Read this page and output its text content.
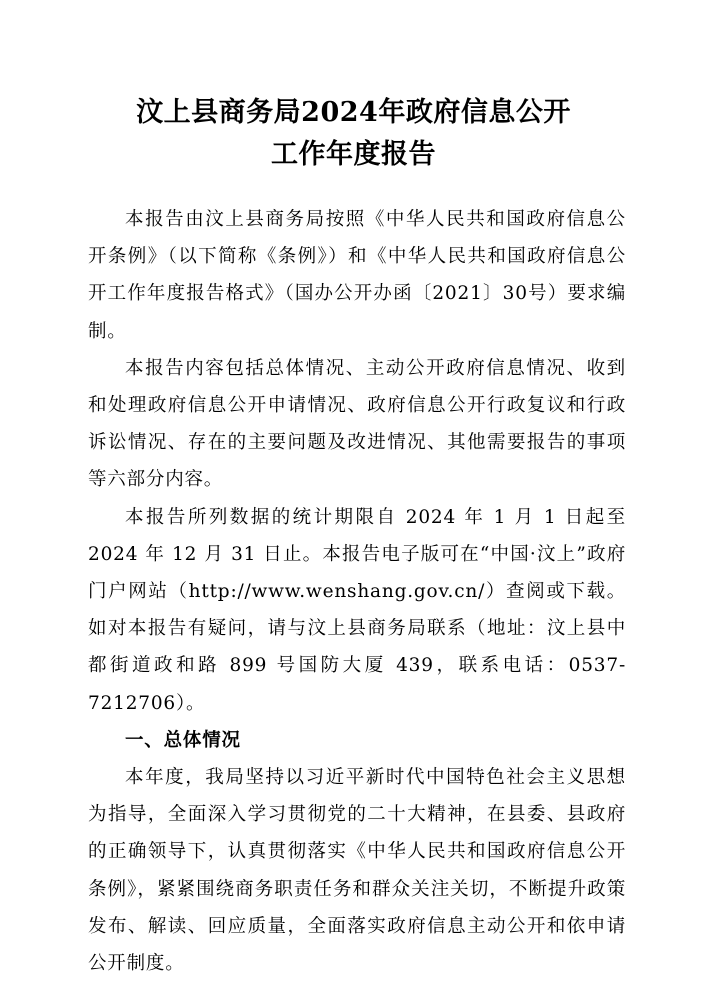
汶上县商务局2024年政府信息公开
工作年度报告

本报告由汶上县商务局按照《中华人民共和国政府信息公开条例》（以下简称《条例》）和《中华人民共和国政府信息公开工作年度报告格式》（国办公开办函〔2021〕30号）要求编制。

本报告内容包括总体情况、主动公开政府信息情况、收到和处理政府信息公开申请情况、政府信息公开行政复议和行政诉讼情况、存在的主要问题及改进情况、其他需要报告的事项等六部分内容。

本报告所列数据的统计期限自 2024 年 1 月 1 日起至 2024 年 12 月 31 日止。本报告电子版可在“中国·汶上”政府门户网站（http://www.wenshang.gov.cn/）查阅或下载。如对本报告有疑问，请与汶上县商务局联系（地址：汶上县中都街道政和路 899 号国防大厦 439，联系电话：0537-7212706）。

一、总体情况

本年度，我局坚持以习近平新时代中国特色社会主义思想为指导，全面深入学习贯彻党的二十大精神，在县委、县政府的正确领导下，认真贯彻落实《中华人民共和国政府信息公开条例》，紧紧围绕商务职责任务和群众关注关切，不断提升政策发布、解读、回应质量，全面落实政府信息主动公开和依申请公开制度。
